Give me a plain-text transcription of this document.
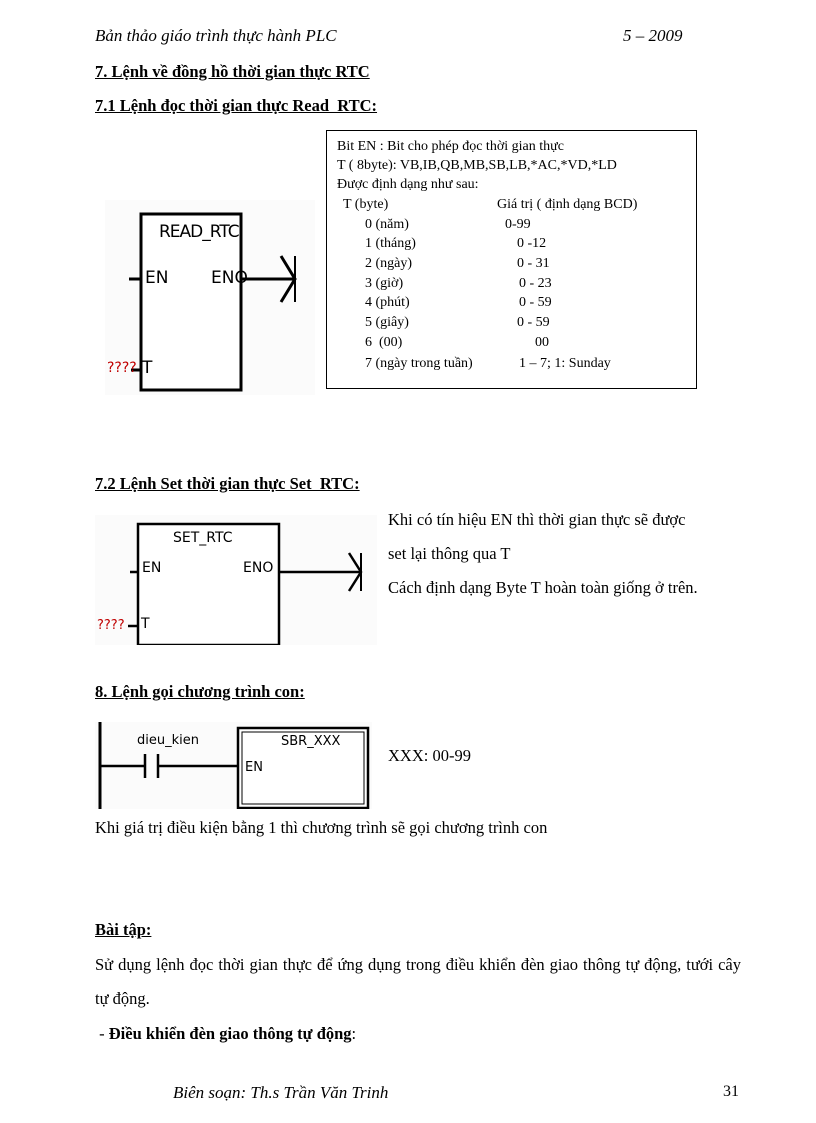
Bản thảo giáo trình thực hành PLC	5 – 2009
7. Lệnh về đồng hồ thời gian thực RTC
7.1 Lệnh đọc thời gian thực Read  RTC:
READ_RTC
EN	ENO
T
????
Bit EN : Bit cho phép đọc thời gian thực
T ( 8byte): VB,IB,QB,MB,SB,LB,*AC,*VD,*LD
Được định dạng như sau:
T (byte)	Giá trị ( định dạng BCD)
0 (năm)	0-99
1 (tháng)	0 -12
2 (ngày)	0 - 31
3 (giờ)	0 - 23
4 (phút)	0 - 59
5 (giây)	0 - 59
6  (00)	00
7 (ngày trong tuần)	1 – 7; 1: Sunday
7.2 Lệnh Set thời gian thực Set  RTC:
SET_RTC
EN	ENO
T
????
Khi có tín hiệu EN thì thời gian thực sẽ được
set lại thông qua T
Cách định dạng Byte T hoàn toàn giống ở trên.
8. Lệnh gọi chương trình con:
dieu_kien	SBR_XXX
EN
XXX: 00-99
Khi giá trị điều kiện bằng 1 thì chương trình sẽ gọi chương trình con
Bài tập:
Sử dụng lệnh đọc thời gian thực để ứng dụng trong điều khiển đèn giao thông tự động, tưới cây tự động.
- Điều khiển đèn giao thông tự động:
Biên soạn: Th.s Trần Văn Trinh	31
